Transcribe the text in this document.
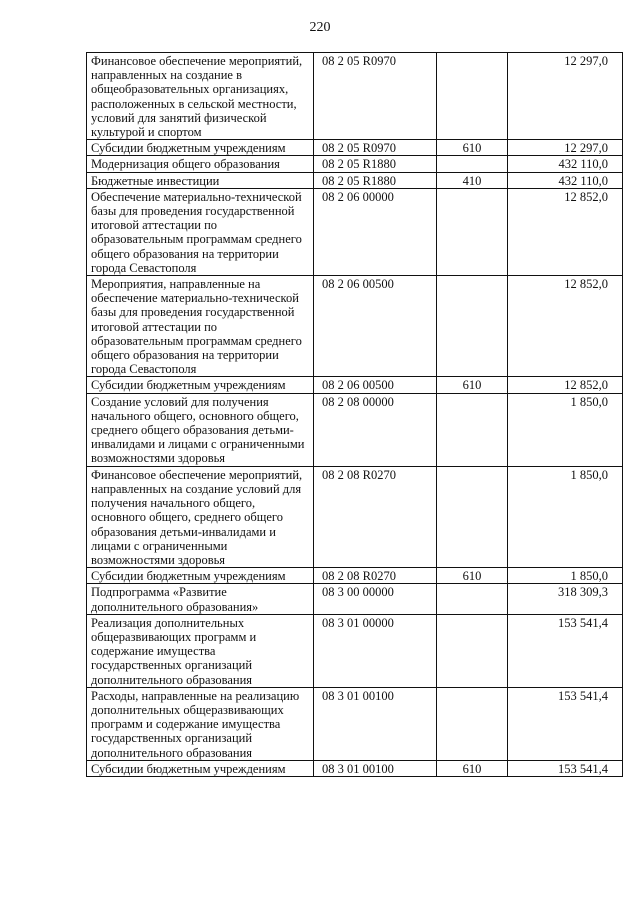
220
Финансовое обеспечение мероприятий, направленных на создание в общеобразовательных организациях, расположенных в сельской местности, условий для занятий физической культурой и спортом	08 2 05 R0970		12 297,0
Субсидии бюджетным учреждениям	08 2 05 R0970	610	12 297,0
Модернизация общего образования	08 2 05 R1880		432 110,0
Бюджетные инвестиции	08 2 05 R1880	410	432 110,0
Обеспечение материально-технической базы для проведения государственной итоговой аттестации по образовательным программам среднего общего образования на территории города Севастополя	08 2 06 00000		12 852,0
Мероприятия, направленные на обеспечение материально-технической базы для проведения государственной итоговой аттестации по образовательным программам среднего общего образования на территории города Севастополя	08 2 06 00500		12 852,0
Субсидии бюджетным учреждениям	08 2 06 00500	610	12 852,0
Создание условий для получения начального общего, основного общего, среднего общего образования детьми-инвалидами и лицами с ограниченными возможностями здоровья	08 2 08 00000		1 850,0
Финансовое обеспечение мероприятий, направленных на создание условий для получения начального общего, основного общего, среднего общего образования детьми-инвалидами и лицами с ограниченными возможностями здоровья	08 2 08 R0270		1 850,0
Субсидии бюджетным учреждениям	08 2 08 R0270	610	1 850,0
Подпрограмма «Развитие дополнительного образования»	08 3 00 00000		318 309,3
Реализация дополнительных общеразвивающих программ и содержание имущества государственных организаций дополнительного образования	08 3 01 00000		153 541,4
Расходы, направленные на реализацию дополнительных общеразвивающих программ и содержание имущества государственных организаций дополнительного образования	08 3 01 00100		153 541,4
Субсидии бюджетным учреждениям	08 3 01 00100	610	153 541,4
